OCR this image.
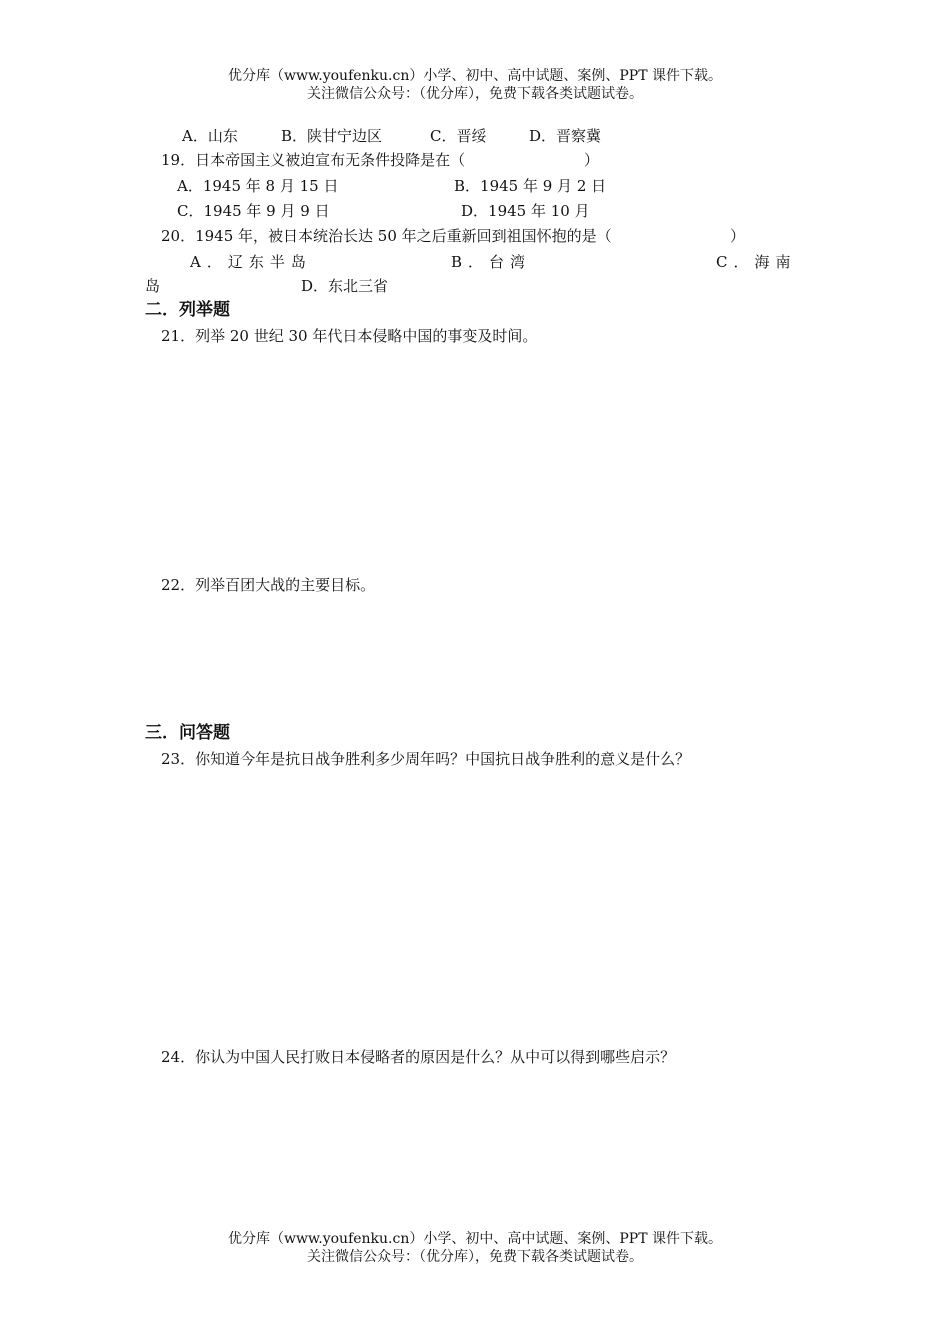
优分库（www.youfenku.cn）小学、初中、高中试题、案例、PPT 课件下载。
关注微信公众号：（优分库），免费下载各类试题试卷。
A．山东	B．陕甘宁边区	C．晋绥	D．晋察冀
19．日本帝国主义被迫宣布无条件投降是在（	）
A．1945 年 8 月 15 日	B．1945 年 9 月 2 日
C．1945 年 9 月 9 日	D．1945 年 10 月
20．1945 年，被日本统治长达 50 年之后重新回到祖国怀抱的是（	）
A．辽东半岛	B．台湾	C．海南
岛	D．东北三省
二．列举题
21．列举 20 世纪 30 年代日本侵略中国的事变及时间。
22．列举百团大战的主要目标。
三．问答题
23．你知道今年是抗日战争胜利多少周年吗？中国抗日战争胜利的意义是什么？
24．你认为中国人民打败日本侵略者的原因是什么？从中可以得到哪些启示？
优分库（www.youfenku.cn）小学、初中、高中试题、案例、PPT 课件下载。
关注微信公众号：（优分库），免费下载各类试题试卷。
